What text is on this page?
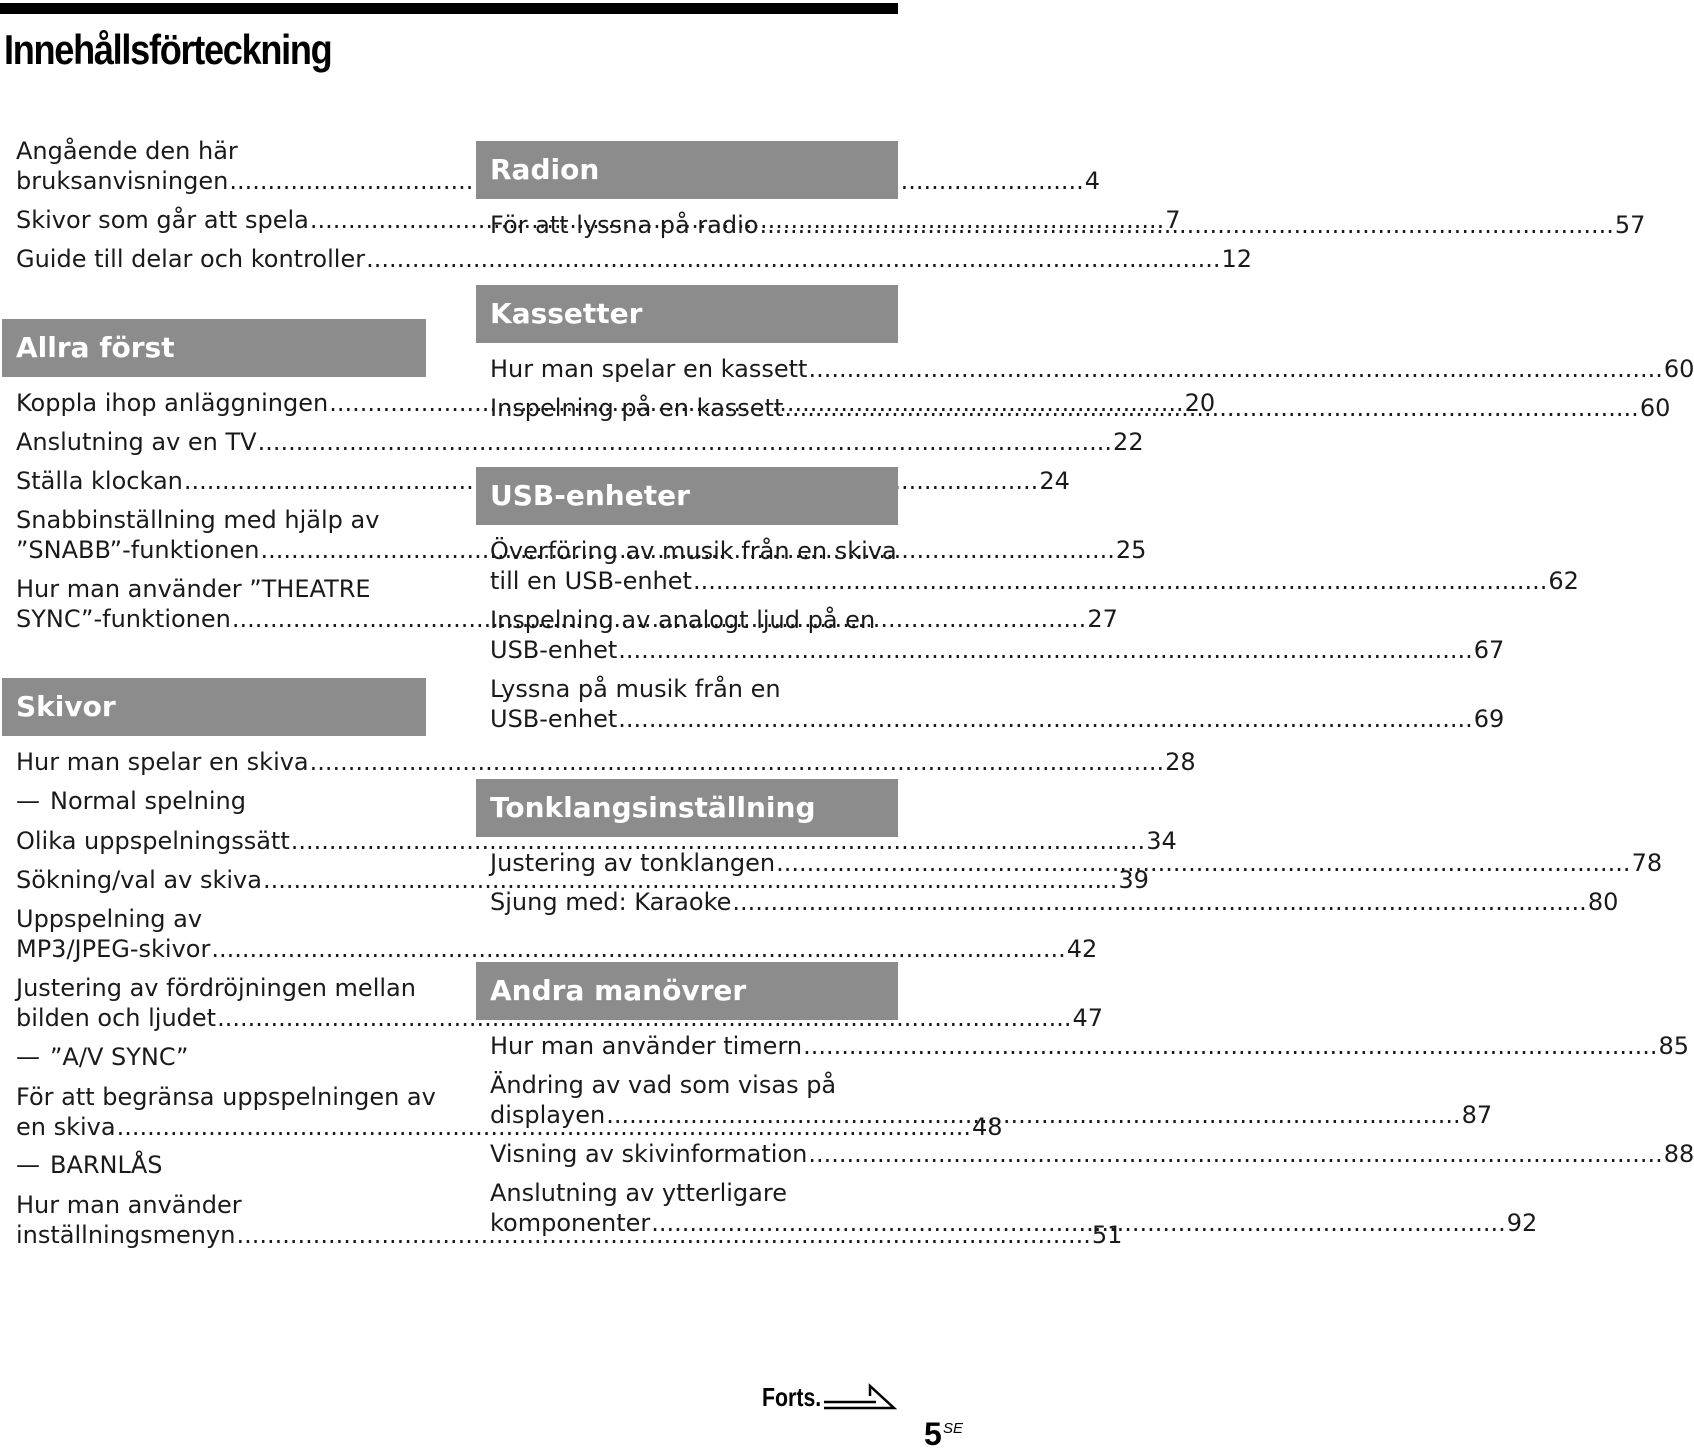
Innehållsförteckning
Angående den här
bruksanvisningen .....	4
Skivor som går att spela .....	7
Guide till delar och kontroller .....	12
Allra först
Koppla ihop anläggningen .....	20
Anslutning av en TV .....	22
Ställa klockan .....	24
Snabbinställning med hjälp av
”SNABB”-funktionen .....	25
Hur man använder ”THEATRE
SYNC”-funktionen .....	27
Skivor
Hur man spelar en skiva .....	28
— Normal spelning
Olika uppspelningssätt .....	34
Sökning/val av skiva .....	39
Uppspelning av
MP3/JPEG-skivor .....	42
Justering av fördröjningen mellan
bilden och ljudet .....	47
— ”A/V SYNC”
För att begränsa uppspelningen av
en skiva .....	48
— BARNLÅS
Hur man använder
inställningsmenyn .....	51
Radion
För att lyssna på radio .....	57
Kassetter
Hur man spelar en kassett .....	60
Inspelning på en kassett .....	60
USB-enheter
Överföring av musik från en skiva
till en USB-enhet .....	62
Inspelning av analogt ljud på en
USB-enhet .....	67
Lyssna på musik från en
USB-enhet .....	69
Tonklangsinställning
Justering av tonklangen .....	78
Sjung med: Karaoke .....	80
Andra manövrer
Hur man använder timern .....	85
Ändring av vad som visas på
displayen .....	87
Visning av skivinformation .....	88
Anslutning av ytterligare
komponenter .....	92
Forts.
5 SE
